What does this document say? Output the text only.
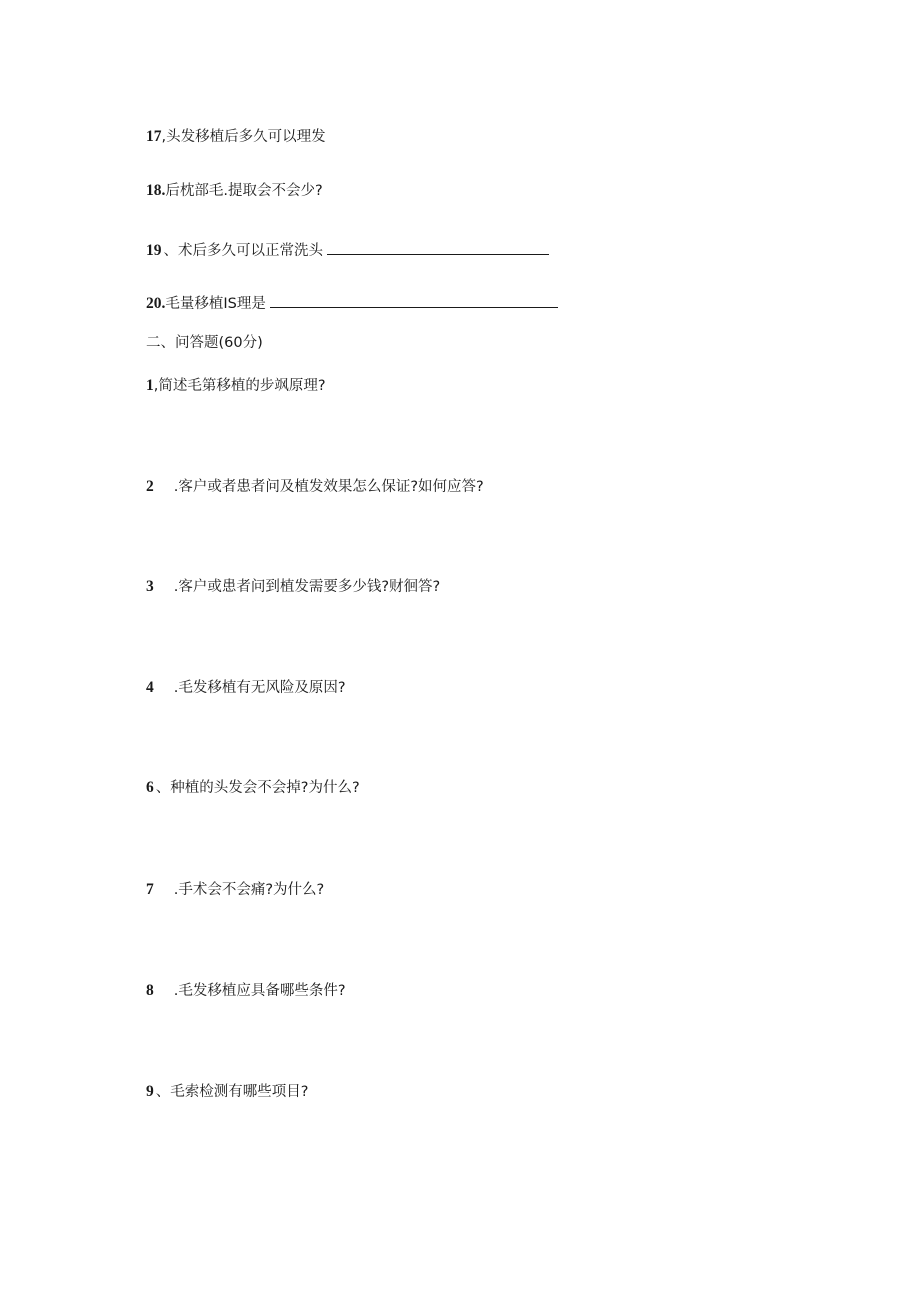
17,头发移植后多久可以理发
18.后枕部毛.提取会不会少?
19 、术后多久可以正常洗头
20.毛量移植IS理是
二、问答题(60分)
1,简述毛第移植的步飒原理?
2 .客户或者患者问及植发效果怎么保证?如何应答?
3 .客户或患者问到植发需要多少钱?财徊答?
4 .毛发移植有无风险及原因?
6 、种植的头发会不会掉?为什么?
7 .手术会不会痛?为什么?
8 .毛发移植应具备哪些条件?
9 、毛索检测有哪些项目?
